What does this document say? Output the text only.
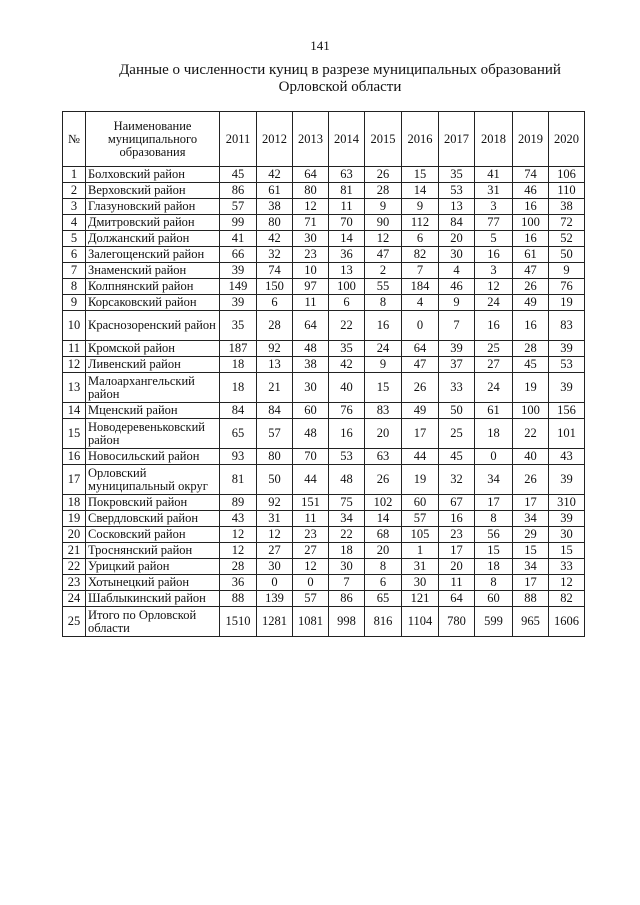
141
Данные о численности куниц в разрезе муниципальных образований
Орловской области
№	Наименование
муниципального
образования	2011	2012	2013	2014	2015	2016	2017	2018	2019	2020
1	Болховский район	45	42	64	63	26	15	35	41	74	106
2	Верховский район	86	61	80	81	28	14	53	31	46	110
3	Глазуновский район	57	38	12	11	9	9	13	3	16	38
4	Дмитровский район	99	80	71	70	90	112	84	77	100	72
5	Должанский район	41	42	30	14	12	6	20	5	16	52
6	Залегощенский район	66	32	23	36	47	82	30	16	61	50
7	Знаменский район	39	74	10	13	2	7	4	3	47	9
8	Колпнянский район	149	150	97	100	55	184	46	12	26	76
9	Корсаковский район	39	6	11	6	8	4	9	24	49	19
10	Краснозоренский район	35	28	64	22	16	0	7	16	16	83
11	Кромской район	187	92	48	35	24	64	39	25	28	39
12	Ливенский район	18	13	38	42	9	47	37	27	45	53
13	Малоархангельский район	18	21	30	40	15	26	33	24	19	39
14	Мценский район	84	84	60	76	83	49	50	61	100	156
15	Новодеревеньковский район	65	57	48	16	20	17	25	18	22	101
16	Новосильский район	93	80	70	53	63	44	45	0	40	43
17	Орловский муниципальный округ	81	50	44	48	26	19	32	34	26	39
18	Покровский район	89	92	151	75	102	60	67	17	17	310
19	Свердловский район	43	31	11	34	14	57	16	8	34	39
20	Сосковский район	12	12	23	22	68	105	23	56	29	30
21	Троснянский район	12	27	27	18	20	1	17	15	15	15
22	Урицкий район	28	30	12	30	8	31	20	18	34	33
23	Хотынецкий район	36	0	0	7	6	30	11	8	17	12
24	Шаблыкинский район	88	139	57	86	65	121	64	60	88	82
25	Итого по Орловской области	1510	1281	1081	998	816	1104	780	599	965	1606
